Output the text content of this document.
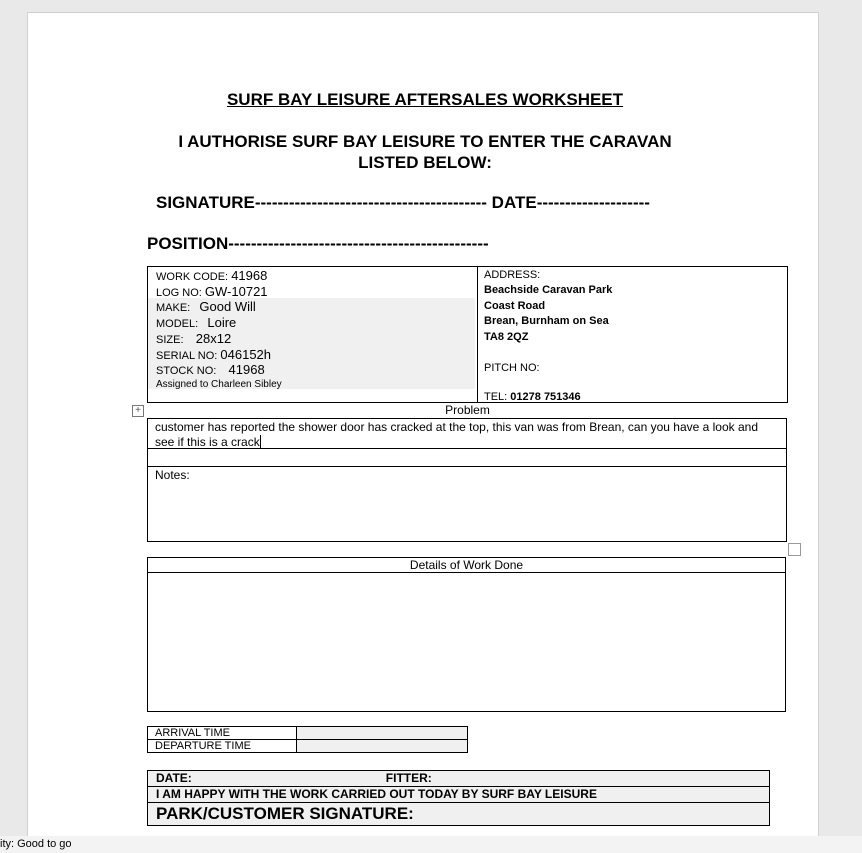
SURF BAY LEISURE AFTERSALES WORKSHEET
I AUTHORISE SURF BAY LEISURE TO ENTER THE CARAVAN
LISTED BELOW:
SIGNATURE----------------------------------------- DATE--------------------
POSITION----------------------------------------------
WORK CODE: 41968
LOG NO: GW-10721
MAKE: Good Will
MODEL: Loire
SIZE: 28x12
SERIAL NO: 046152h
STOCK NO: 41968
Assigned to Charleen Sibley
ADDRESS:
Beachside Caravan Park
Coast Road
Brean, Burnham on Sea
TA8 2QZ
PITCH NO:
TEL: 01278 751346
+	Problem
customer has reported the shower door has cracked at the top, this van was from Brean, can you have a look and see if this is a crack
Notes:
Details of Work Done
ARRIVAL TIME	
DEPARTURE TIME	
DATE:	FITTER:
I AM HAPPY WITH THE WORK CARRIED OUT TODAY BY SURF BAY LEISURE
PARK/CUSTOMER SIGNATURE:
ity: Good to go
